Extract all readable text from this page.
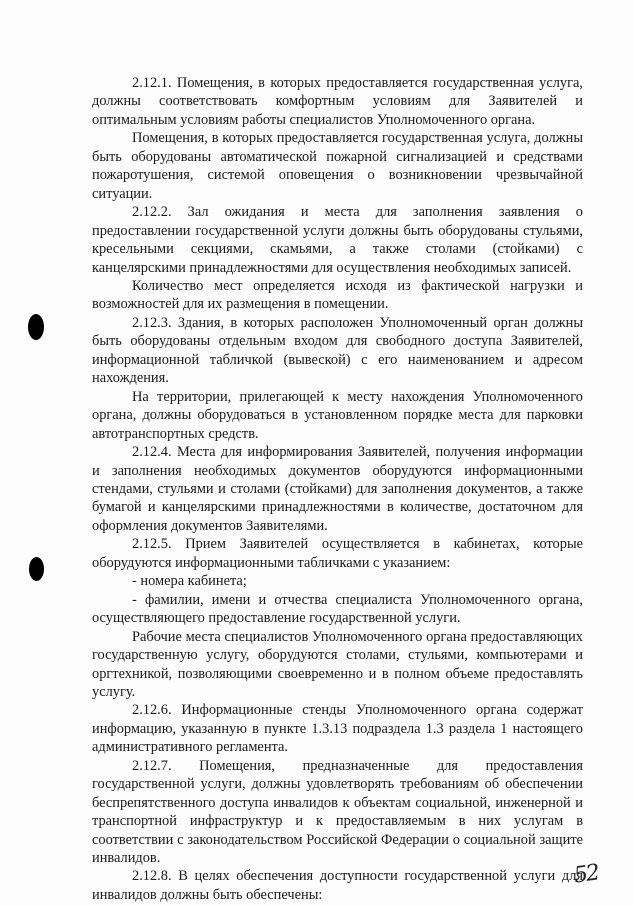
2.12.1. Помещения, в которых предоставляется государственная услуга, должны соответствовать комфортным условиям для Заявителей и оптимальным условиям работы специалистов Уполномоченного органа.

Помещения, в которых предоставляется государственная услуга, должны быть оборудованы автоматической пожарной сигнализацией и средствами пожаротушения, системой оповещения о возникновении чрезвычайной ситуации.

2.12.2. Зал ожидания и места для заполнения заявления о предоставлении государственной услуги должны быть оборудованы стульями, кресельными секциями, скамьями, а также столами (стойками) с канцелярскими принадлежностями для осуществления необходимых записей.

Количество мест определяется исходя из фактической нагрузки и возможностей для их размещения в помещении.

2.12.3. Здания, в которых расположен Уполномоченный орган должны быть оборудованы отдельным входом для свободного доступа Заявителей, информационной табличкой (вывеской) с его наименованием и адресом нахождения.

На территории, прилегающей к месту нахождения Уполномоченного органа, должны оборудоваться в установленном порядке места для парковки автотранспортных средств.

2.12.4. Места для информирования Заявителей, получения информации и заполнения необходимых документов оборудуются информационными стендами, стульями и столами (стойками) для заполнения документов, а также бумагой и канцелярскими принадлежностями в количестве, достаточном для оформления документов Заявителями.

2.12.5. Прием Заявителей осуществляется в кабинетах, которые оборудуются информационными табличками с указанием:

- номера кабинета;

- фамилии, имени и отчества специалиста Уполномоченного органа, осуществляющего предоставление государственной услуги.

Рабочие места специалистов Уполномоченного органа предоставляющих государственную услугу, оборудуются столами, стульями, компьютерами и оргтехникой, позволяющими своевременно и в полном объеме предоставлять услугу.

2.12.6. Информационные стенды Уполномоченного органа содержат информацию, указанную в пункте 1.3.13 подраздела 1.3 раздела 1 настоящего административного регламента.

2.12.7. Помещения, предназначенные для предоставления государственной услуги, должны удовлетворять требованиям об обеспечении беспрепятственного доступа инвалидов к объектам социальной, инженерной и транспортной инфраструктур и к предоставляемым в них услугам в соответствии с законодательством Российской Федерации о социальной защите инвалидов.

2.12.8. В целях обеспечения доступности государственной услуги для инвалидов должны быть обеспечены:

52
